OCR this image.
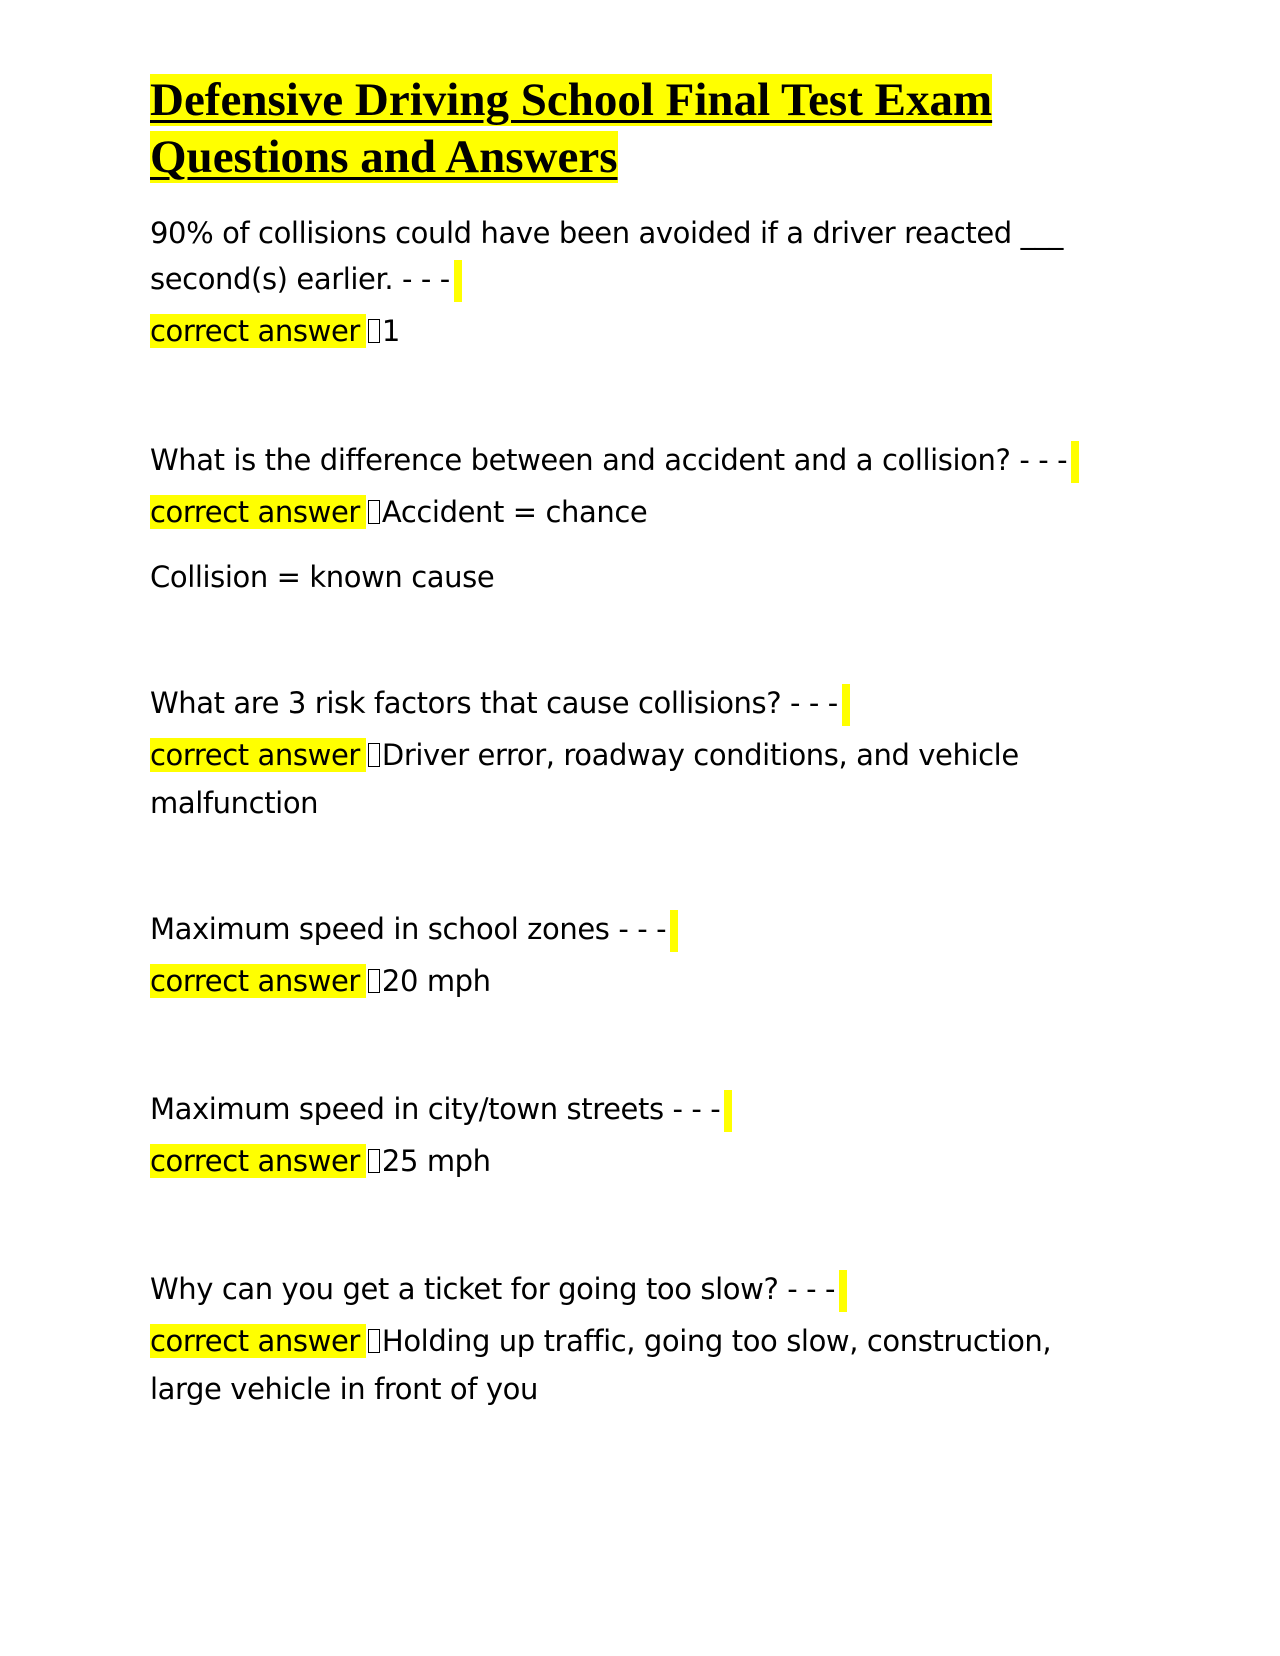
Defensive Driving School Final Test Exam
Questions and Answers

90% of collisions could have been avoided if a driver reacted ___

second(s) earlier. - - -

correct answer 1

What is the difference between and accident and a collision? - - -

correct answer Accident = chance

Collision = known cause

What are 3 risk factors that cause collisions? - - -

correct answer Driver error, roadway conditions, and vehicle

malfunction

Maximum speed in school zones - - -

correct answer 20 mph

Maximum speed in city/town streets - - -

correct answer 25 mph

Why can you get a ticket for going too slow? - - -

correct answer Holding up traffic, going too slow, construction,

large vehicle in front of you
